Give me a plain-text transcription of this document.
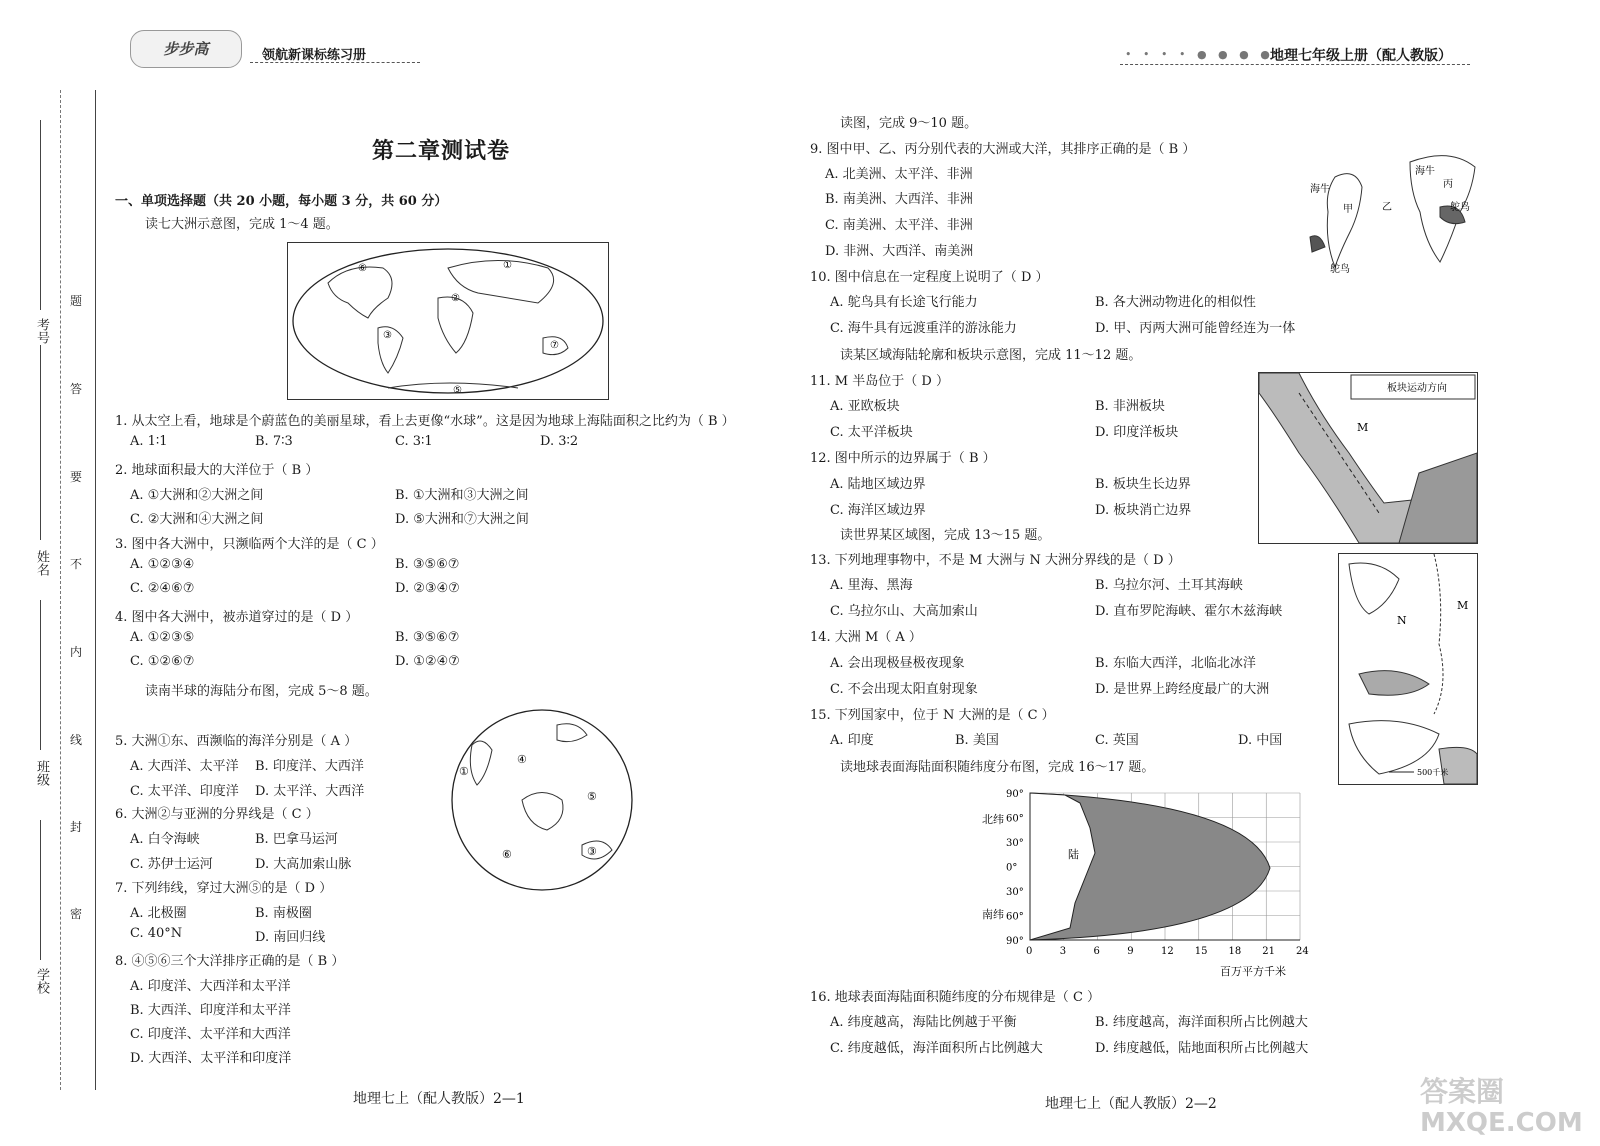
步步高	领航新课标练习册	• • • • ● ● ● ●
地理七年级上册（配人教版）
考号
姓名
班级
学校
题
答
要
不
内
线
封
密
第二章测试卷
一、单项选择题（共 20 小题，每小题 3 分，共 60 分）
读七大洲示意图，完成 1～4 题。
⑥	①
②
③
⑦
⑤
1. 从太空上看，地球是个蔚蓝色的美丽星球，看上去更像“水球”。这是因为地球上海陆面积之比约为（ B ）
A. 1∶1	B. 7∶3	C. 3∶1	D. 3∶2
2. 地球面积最大的大洋位于（ B ）
A. ①大洲和②大洲之间	B. ①大洲和③大洲之间
C. ②大洲和④大洲之间	D. ⑤大洲和⑦大洲之间
3. 图中各大洲中，只濒临两个大洋的是（ C ）
A. ①②③④	B. ③⑤⑥⑦
C. ②④⑥⑦	D. ②③④⑦
4. 图中各大洲中，被赤道穿过的是（ D ）
A. ①②③⑤	B. ③⑤⑥⑦
C. ①②⑥⑦	D. ①②④⑦
读南半球的海陆分布图，完成 5～8 题。
①
④
⑤
⑥	③
5. 大洲①东、西濒临的海洋分别是（ A ）
A. 大西洋、太平洋 B. 印度洋、大西洋
C. 太平洋、印度洋 D. 太平洋、大西洋
6. 大洲②与亚洲的分界线是（ C ）
A. 白令海峡	B. 巴拿马运河
C. 苏伊士运河	D. 大高加索山脉
7. 下列纬线，穿过大洲⑤的是（ D ）
A. 北极圈	B. 南极圈
C. 40°N	D. 南回归线
8. ④⑤⑥三个大洋排序正确的是（ B ）
A. 印度洋、大西洋和太平洋
B. 大西洋、印度洋和太平洋
C. 印度洋、太平洋和大西洋
D. 大西洋、太平洋和印度洋
地理七上（配人教版）2—1
读图，完成 9～10 题。
9. 图中甲、乙、丙分别代表的大洲或大洋，其排序正确的是（ B ）
A. 北美洲、太平洋、非洲
B. 南美洲、大西洋、非洲
C. 南美洲、太平洋、非洲
D. 非洲、大西洋、南美洲
海牛
甲	乙
海牛
丙
鸵鸟
鸵鸟
10. 图中信息在一定程度上说明了（ D ）
A. 鸵鸟具有长途飞行能力	B. 各大洲动物进化的相似性
C. 海牛具有远渡重洋的游泳能力	D. 甲、丙两大洲可能曾经连为一体
读某区域海陆轮廓和板块示意图，完成 11～12 题。
11. M 半岛位于（ D ）
A. 亚欧板块	B. 非洲板块
C. 太平洋板块	D. 印度洋板块
板块运动方向
M
12. 图中所示的边界属于（ B ）
A. 陆地区域边界	B. 板块生长边界
C. 海洋区域边界	D. 板块消亡边界
读世界某区域图，完成 13～15 题。
13. 下列地理事物中，不是 M 大洲与 N 大洲分界线的是（ D ）
A. 里海、黑海	B. 乌拉尔河、土耳其海峡
C. 乌拉尔山、大高加索山	D. 直布罗陀海峡、霍尔木兹海峡
N
M
500千米
14. 大洲 M（ A ）
A. 会出现极昼极夜现象	B. 东临大西洋，北临北冰洋
C. 不会出现太阳直射现象	D. 是世界上跨经度最广的大洲
15. 下列国家中，位于 N 大洲的是（ C ）
A. 印度	B. 美国	C. 英国	D. 中国
读地球表面海陆面积随纬度分布图，完成 16～17 题。
0	3	6	9	12 15 18 21 24
90°
60°
30°
0°
30°
60°
90°
陆
北纬
南纬
百万平方千米
16. 地球表面海陆面积随纬度的分布规律是（ C ）
A. 纬度越高，海陆比例越于平衡	B. 纬度越高，海洋面积所占比例越大
C. 纬度越低，海洋面积所占比例越大	D. 纬度越低，陆地面积所占比例越大
地理七上（配人教版）2—2	答案圈
MXQE.COM
